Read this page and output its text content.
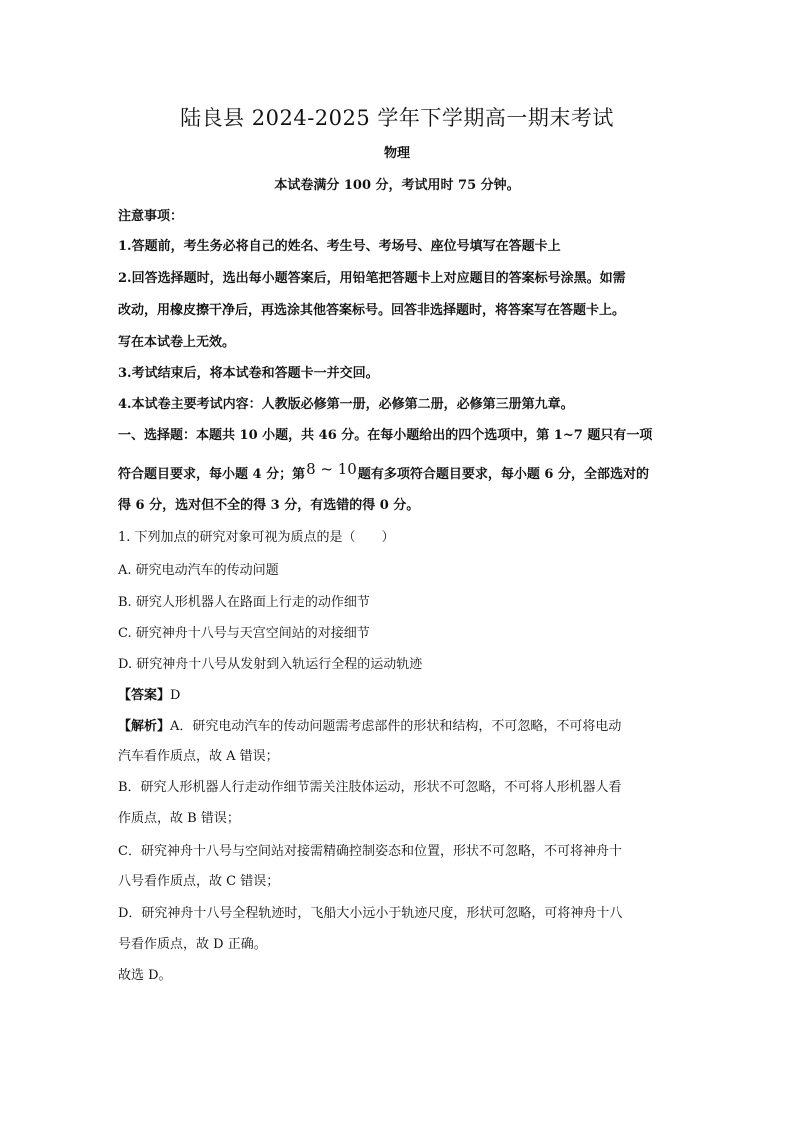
陆良县 2024-2025 学年下学期高一期末考试
物理
本试卷满分 100 分，考试用时 75 分钟。
注意事项：
1.答题前，考生务必将自己的姓名、考生号、考场号、座位号填写在答题卡上
2.回答选择题时，选出每小题答案后，用铅笔把答题卡上对应题目的答案标号涂黑。如需
改动，用橡皮擦干净后，再选涂其他答案标号。回答非选择题时，将答案写在答题卡上。
写在本试卷上无效。
3.考试结束后，将本试卷和答题卡一并交回。
4.本试卷主要考试内容：人教版必修第一册，必修第二册，必修第三册第九章。
一、选择题：本题共 10 小题，共 46 分。在每小题给出的四个选项中，第 1~7 题只有一项
符合题目要求，每小题 4 分；第8 ~ 10题有多项符合题目要求，每小题 6 分，全部选对的
得 6 分，选对但不全的得 3 分，有选错的得 0 分。
1. 下列加点的研究对象可视为质点的是（　　）
A. 研究电动汽车的传动问题
B. 研究人形机器人在路面上行走的动作细节
C. 研究神舟十八号与天宫空间站的对接细节
D. 研究神舟十八号从发射到入轨运行全程的运动轨迹
【答案】D
【解析】A．研究电动汽车的传动问题需考虑部件的形状和结构，不可忽略，不可将电动
汽车看作质点，故 A 错误；
B．研究人形机器人行走动作细节需关注肢体运动，形状不可忽略，不可将人形机器人看
作质点，故 B 错误；
C．研究神舟十八号与空间站对接需精确控制姿态和位置，形状不可忽略，不可将神舟十
八号看作质点，故 C 错误；
D．研究神舟十八号全程轨迹时，飞船大小远小于轨迹尺度，形状可忽略，可将神舟十八
号看作质点，故 D 正确。
故选 D。
